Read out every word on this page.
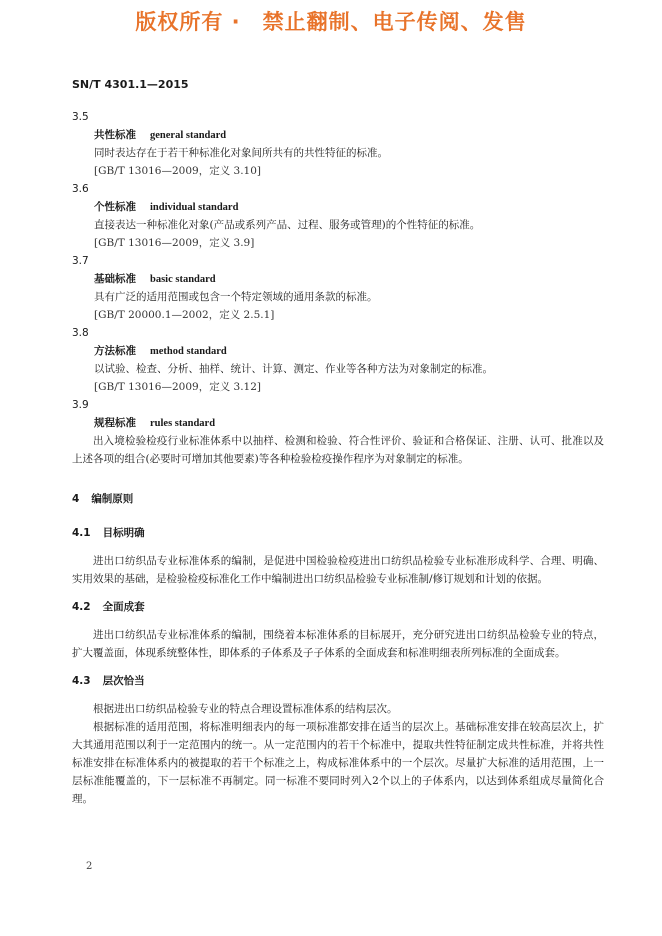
版权所有 ·　禁止翻制、电子传阅、发售
SN/T 4301.1—2015
3.5
共性标准 general standard
同时表达存在于若干种标准化对象间所共有的共性特征的标准。
[GB/T 13016—2009，定义 3.10]
3.6
个性标准 individual standard
直接表达一种标准化对象(产品或系列产品、过程、服务或管理)的个性特征的标准。
[GB/T 13016—2009，定义 3.9]
3.7
基础标准 basic standard
具有广泛的适用范围或包含一个特定领域的通用条款的标准。
[GB/T 20000.1—2002，定义 2.5.1]
3.8
方法标准 method standard
以试验、检查、分析、抽样、统计、计算、测定、作业等各种方法为对象制定的标准。
[GB/T 13016—2009，定义 3.12]
3.9
规程标准 rules standard

出入境检验检疫行业标准体系中以抽样、检测和检验、符合性评价、验证和合格保证、注册、认可、批准以及上述各项的组合(必要时可增加其他要素)等各种检验检疫操作程序为对象制定的标准。

4 编制原则
4.1 目标明确

进出口纺织品专业标准体系的编制，是促进中国检验检疫进出口纺织品检验专业标准形成科学、合理、明确、实用效果的基础，是检验检疫标准化工作中编制进出口纺织品检验专业标准制/修订规划和计划的依据。

4.2 全面成套

进出口纺织品专业标准体系的编制，围绕着本标准体系的目标展开，充分研究进出口纺织品检验专业的特点，扩大覆盖面，体现系统整体性，即体系的子体系及子子体系的全面成套和标准明细表所列标准的全面成套。

4.3 层次恰当

根据进出口纺织品检验专业的特点合理设置标准体系的结构层次。

根据标准的适用范围，将标准明细表内的每一项标准都安排在适当的层次上。基础标准安排在较高层次上，扩大其通用范围以利于一定范围内的统一。从一定范围内的若干个标准中，提取共性特征制定成共性标准，并将共性标准安排在标准体系内的被提取的若干个标准之上，构成标准体系中的一个层次。尽量扩大标准的适用范围，上一层标准能覆盖的，下一层标准不再制定。同一标准不要同时列入2个以上的子体系内，以达到体系组成尽量简化合理。

2
